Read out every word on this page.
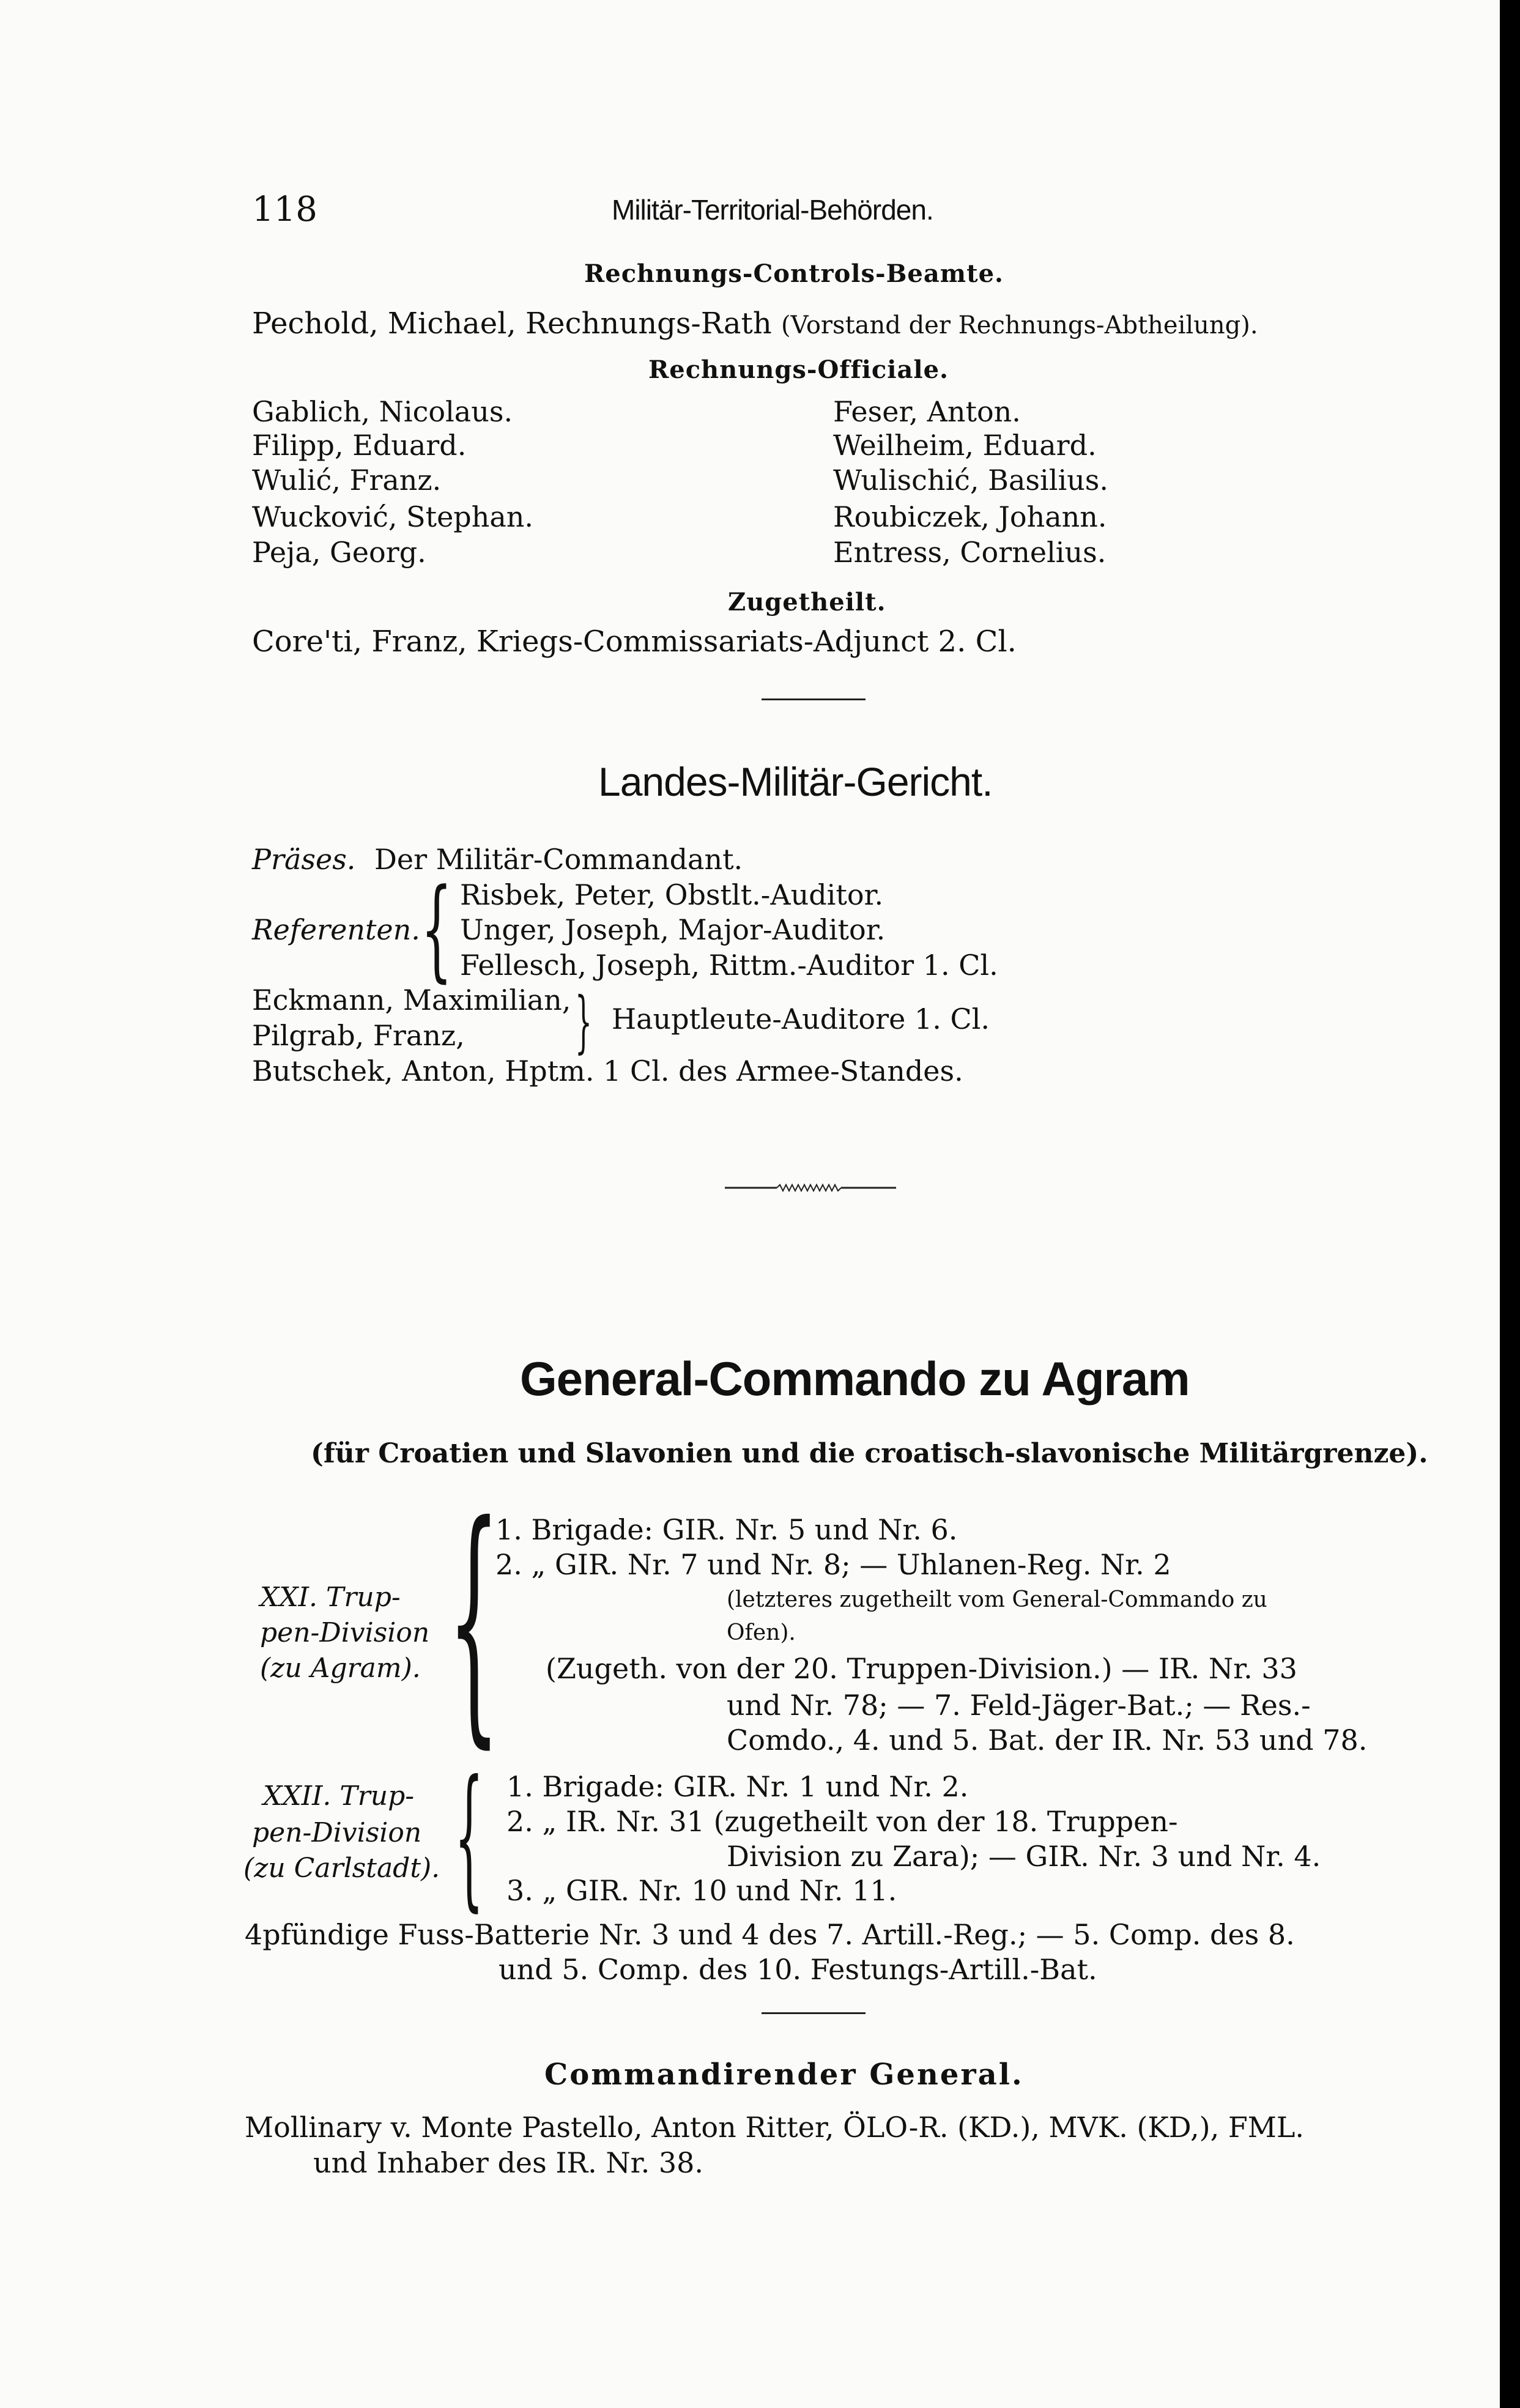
118	Militär-Territorial-Behörden.
Rechnungs-Controls-Beamte.
Pechold, Michael, Rechnungs-Rath (Vorstand der Rechnungs-Abtheilung).
Rechnungs-Officiale.
Gablich, Nicolaus.
Filipp, Eduard.
Wulić, Franz.
Wucković, Stephan.
Peja, Georg.
Feser, Anton.
Weilheim, Eduard.
Wulischić, Basilius.
Roubiczek, Johann.
Entress, Cornelius.
Zugetheilt.
Core'ti, Franz, Kriegs-Commissariats-Adjunct 2. Cl.
Landes-Militär-Gericht.
Präses. Der Militär-Commandant.
Referenten. { Risbek, Peter, Obstlt.-Auditor.
Unger, Joseph, Major-Auditor.
Fellesch, Joseph, Rittm.-Auditor 1. Cl.
Eckmann, Maximilian,
Pilgrab, Franz, } Hauptleute-Auditore 1. Cl.
Butschek, Anton, Hptm. 1 Cl. des Armee-Standes.
General-Commando zu Agram
(für Croatien und Slavonien und die croatisch-slavonische Militärgrenze).
{
XXI. Trup-
pen-Division
(zu Agram).
1. Brigade: GIR. Nr. 5 und Nr. 6.
2. „ GIR. Nr. 7 und Nr. 8; — Uhlanen-Reg. Nr. 2
(letzteres zugetheilt vom General-Commando zu
Ofen).
(Zugeth. von der 20. Truppen-Division.) — IR. Nr. 33
und Nr. 78; — 7. Feld-Jäger-Bat.; — Res.-
Comdo., 4. und 5. Bat. der IR. Nr. 53 und 78.
{
XXII. Trup-
pen-Division
(zu Carlstadt).
1. Brigade: GIR. Nr. 1 und Nr. 2.
2. „ IR. Nr. 31 (zugetheilt von der 18. Truppen-
Division zu Zara); — GIR. Nr. 3 und Nr. 4.
3. „ GIR. Nr. 10 und Nr. 11.
4pfündige Fuss-Batterie Nr. 3 und 4 des 7. Artill.-Reg.; — 5. Comp. des 8.
und 5. Comp. des 10. Festungs-Artill.-Bat.
Commandirender General.
Mollinary v. Monte Pastello, Anton Ritter, ÖLO-R. (KD.), MVK. (KD,), FML.
und Inhaber des IR. Nr. 38.
